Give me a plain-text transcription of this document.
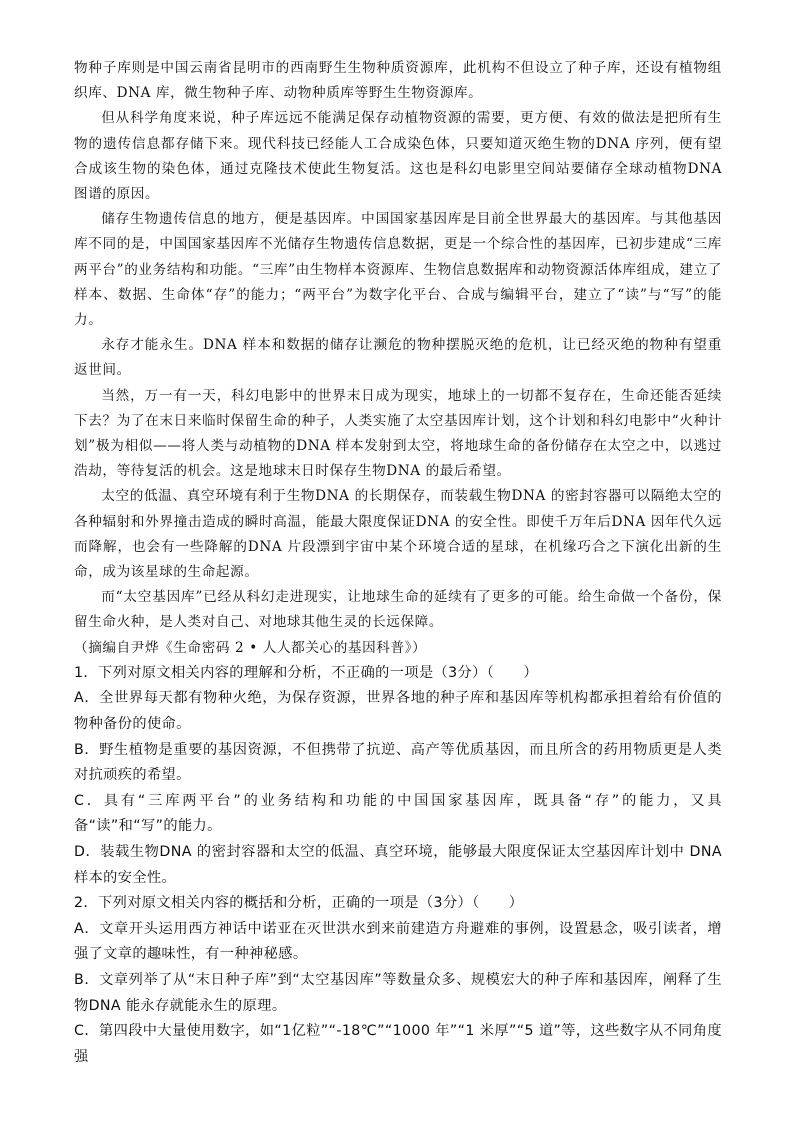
物种子库则是中国云南省昆明市的西南野生生物种质资源库，此机构不但设立了种子库，还设有植物组织库、DNA 库，微生物种子库、动物种质库等野生生物资源库。

但从科学角度来说，种子库远远不能满足保存动植物资源的需要，更方便、有效的做法是把所有生物的遗传信息都存储下来。现代科技已经能人工合成染色体，只要知道灭绝生物的DNA 序列，便有望合成该生物的染色体，通过克隆技术使此生物复活。这也是科幻电影里空间站要储存全球动植物DNA 图谱的原因。

储存生物遗传信息的地方，便是基因库。中国国家基因库是目前全世界最大的基因库。与其他基因库不同的是，中国国家基因库不光储存生物遗传信息数据，更是一个综合性的基因库，已初步建成“三库两平台”的业务结构和功能。“三库”由生物样本资源库、生物信息数据库和动物资源活体库组成，建立了样本、数据、生命体“存”的能力；“两平台”为数字化平台、合成与编辑平台，建立了“读”与“写”的能力。

永存才能永生。DNA 样本和数据的储存让濒危的物种摆脱灭绝的危机，让已经灭绝的物种有望重返世间。

当然，万一有一天，科幻电影中的世界末日成为现实，地球上的一切都不复存在，生命还能否延续下去？为了在末日来临时保留生命的种子，人类实施了太空基因库计划，这个计划和科幻电影中“火种计划”极为相似——将人类与动植物的DNA 样本发射到太空，将地球生命的备份储存在太空之中，以逃过浩劫，等待复活的机会。这是地球末日时保存生物DNA 的最后希望。

太空的低温、真空环境有利于生物DNA 的长期保存，而装载生物DNA 的密封容器可以隔绝太空的各种辐射和外界撞击造成的瞬时高温，能最大限度保证DNA 的安全性。即使千万年后DNA 因年代久远而降解，也会有一些降解的DNA 片段漂到宇宙中某个环境合适的星球，在机缘巧合之下演化出新的生命，成为该星球的生命起源。

而“太空基因库”已经从科幻走进现实，让地球生命的延续有了更多的可能。给生命做一个备份，保留生命火种，是人类对自己、对地球其他生灵的长远保障。

（摘编自尹烨《生命密码 2 • 人人都关心的基因科普》）

1．下列对原文相关内容的理解和分析，不正确的一项是（3分）（　　）

A．全世界每天都有物种火绝，为保存资源，世界各地的种子库和基因库等机构都承担着给有价值的物种备份的使命。

B．野生植物是重要的基因资源，不但携带了抗逆、高产等优质基因，而且所含的药用物质更是人类对抗顽疾的希望。

C．具有“三库两平台”的业务结构和功能的中国国家基因库，既具备“存”的能力，又具备“读”和“写”的能力。

D．装载生物DNA 的密封容器和太空的低温、真空环境，能够最大限度保证太空基因库计划中 DNA 样本的安全性。

2．下列对原文相关内容的概括和分析，正确的一项是（3分）（　　）

A．文章开头运用西方神话中诺亚在灭世洪水到来前建造方舟避难的事例，设置悬念，吸引读者，增强了文章的趣味性，有一种神秘感。

B．文章列举了从“末日种子库”到“太空基因库”等数量众多、规模宏大的种子库和基因库，阐释了生物DNA 能永存就能永生的原理。

C．第四段中大量使用数字，如“1亿粒”“-18℃”“1000 年”“1 米厚”“5 道”等，这些数字从不同角度强
